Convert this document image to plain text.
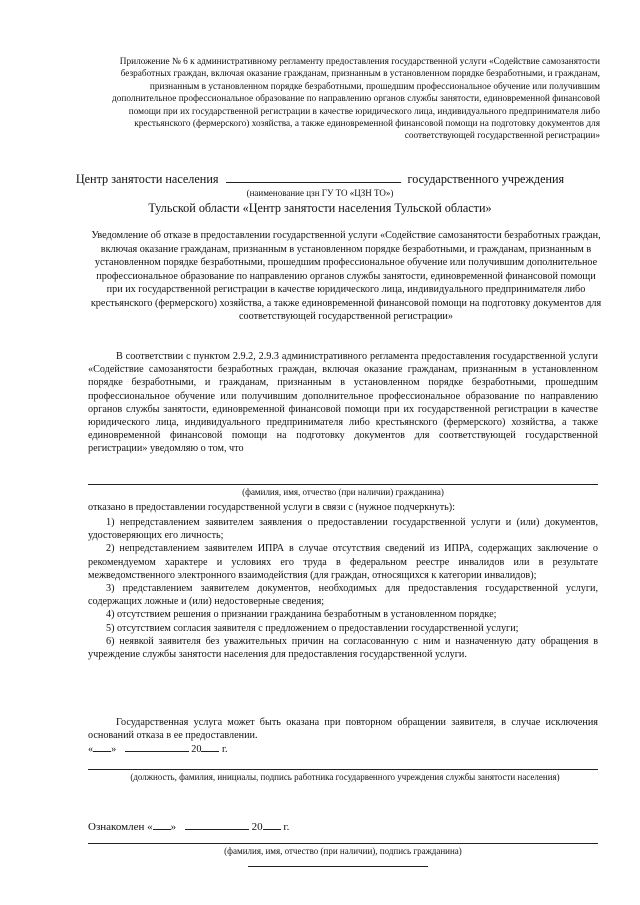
Приложение № 6 к административному регламенту предоставления государственной услуги «Содействие самозанятости безработных граждан, включая оказание гражданам, признанным в установленном порядке безработными, и гражданам, признанным в установленном порядке безработными, прошедшим профессиональное обучение или получившим дополнительное профессиональное образование по направлению органов службы занятости, единовременной финансовой помощи при их государственной регистрации в качестве юридического лица, индивидуального предпринимателя либо крестьянского (фермерского) хозяйства, а также единовременной финансовой помощи на подготовку документов для соответствующей государственной регистрации»
Центр занятости населения	государственного учреждения
(наименование цзн ГУ ТО «ЦЗН ТО»)
Тульской области «Центр занятости населения Тульской области»
Уведомление об отказе в предоставлении государственной услуги «Содействие самозанятости безработных граждан, включая оказание гражданам, признанным в установленном порядке безработными, и гражданам, признанным в установленном порядке безработными, прошедшим профессиональное обучение или получившим дополнительное профессиональное образование по направлению органов службы занятости, единовременной финансовой помощи при их государственной регистрации в качестве юридического лица, индивидуального предпринимателя либо крестьянского (фермерского) хозяйства, а также единовременной финансовой помощи на подготовку документов для соответствующей государственной регистрации»
В соответствии с пунктом 2.9.2, 2.9.3 административного регламента предоставления государственной услуги «Содействие самозанятости безработных граждан, включая оказание гражданам, признанным в установленном порядке безработными, и гражданам, признанным в установленном порядке безработными, прошедшим профессиональное обучение или получившим дополнительное профессиональное образование по направлению органов службы занятости, единовременной финансовой помощи при их государственной регистрации в качестве юридического лица, индивидуального предпринимателя либо крестьянского (фермерского) хозяйства, а также единовременной финансовой помощи на подготовку документов для соответствующей государственной регистрации» уведомляю о том, что
(фамилия, имя, отчество (при наличии) гражданина)
отказано в предоставлении государственной услуги в связи с (нужное подчеркнуть):
1) непредставлением заявителем заявления о предоставлении государственной услуги и (или) документов, удостоверяющих его личность;
2) непредставлением заявителем ИПРА в случае отсутствия сведений из ИПРА, содержащих заключение о рекомендуемом характере и условиях его труда в федеральном реестре инвалидов или в результате межведомственного электронного взаимодействия (для граждан, относящихся к категории инвалидов);
3) представлением заявителем документов, необходимых для предоставления государственной услуги, содержащих ложные и (или) недостоверные сведения;
4) отсутствием решения о признании гражданина безработным в установленном порядке;
5) отсутствием согласия заявителя с предложением о предоставлении государственной услуги;
6) неявкой заявителя без уважительных причин на согласованную с ним и назначенную дату обращения в учреждение службы занятости населения для предоставления государственной услуги.
Государственная услуга может быть оказана при повторном обращении заявителя, в случае исключения оснований отказа в ее предоставлении.
« »	20 г.
(должность, фамилия, инициалы, подпись работника государвенного учреждения службы занятости населения)
Ознакомлен « »	20 г.
(фамилия, имя, отчество (при наличии), подпись гражданина)
